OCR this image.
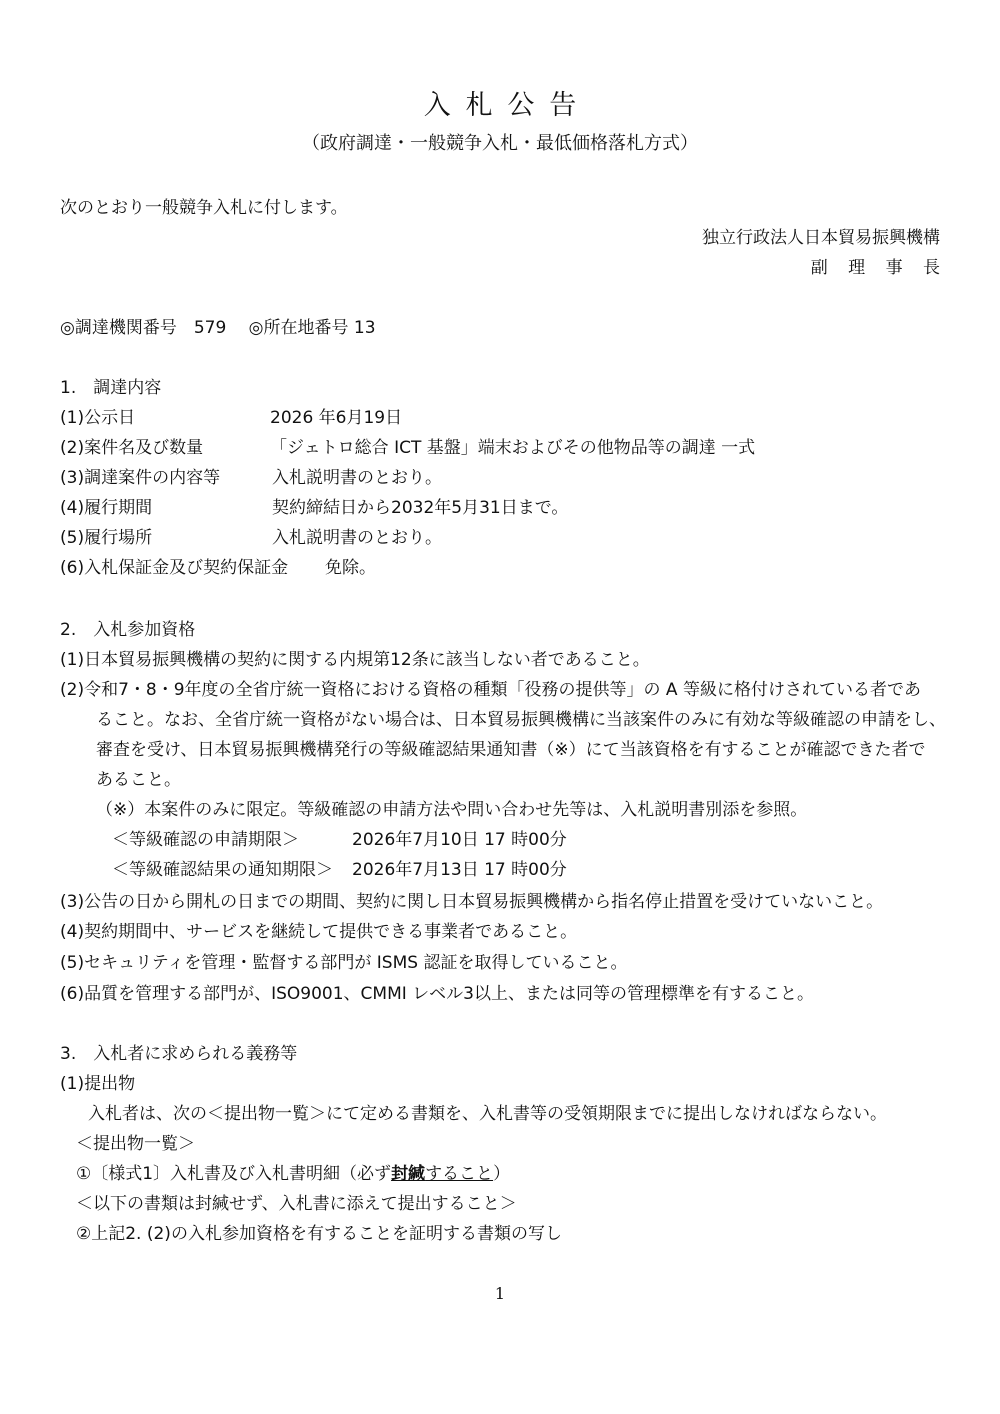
入札公告
（政府調達・一般競争入札・最低価格落札方式）
次のとおり一般競争入札に付します。
独立行政法人日本貿易振興機構
副理事長
◎調達機関番号　579　 ◎所在地番号 13
1.　調達内容
(1)公示日	2026 年6月19日
(2)案件名及び数量	「ジェトロ総合 ICT 基盤」端末およびその他物品等の調達 一式
(3)調達案件の内容等	入札説明書のとおり。
(4)履行期間	契約締結日から2032年5月31日まで。
(5)履行場所	入札説明書のとおり。
(6)入札保証金及び契約保証金 免除。
2.　入札参加資格
(1)日本貿易振興機構の契約に関する内規第12条に該当しない者であること。
(2)令和7・8・9年度の全省庁統一資格における資格の種類「役務の提供等」の A 等級に格付けされている者であ
ること。なお、全省庁統一資格がない場合は、日本貿易振興機構に当該案件のみに有効な等級確認の申請をし、
審査を受け、日本貿易振興機構発行の等級確認結果通知書（※）にて当該資格を有することが確認できた者で
あること。
（※）本案件のみに限定。等級確認の申請方法や問い合わせ先等は、入札説明書別添を参照。
＜等級確認の申請期限＞	2026年7月10日 17 時00分
＜等級確認結果の通知期限＞ 2026年7月13日 17 時00分
(3)公告の日から開札の日までの期間、契約に関し日本貿易振興機構から指名停止措置を受けていないこと。
(4)契約期間中、サービスを継続して提供できる事業者であること。
(5)セキュリティを管理・監督する部門が ISMS 認証を取得していること。
(6)品質を管理する部門が、ISO9001、CMMI レベル3以上、または同等の管理標準を有すること。
3.　入札者に求められる義務等
(1)提出物
入札者は、次の＜提出物一覧＞にて定める書類を、入札書等の受領期限までに提出しなければならない。
＜提出物一覧＞
①〔様式1〕入札書及び入札書明細（必ず封緘すること）
＜以下の書類は封緘せず、入札書に添えて提出すること＞
②上記2. (2)の入札参加資格を有することを証明する書類の写し
1
